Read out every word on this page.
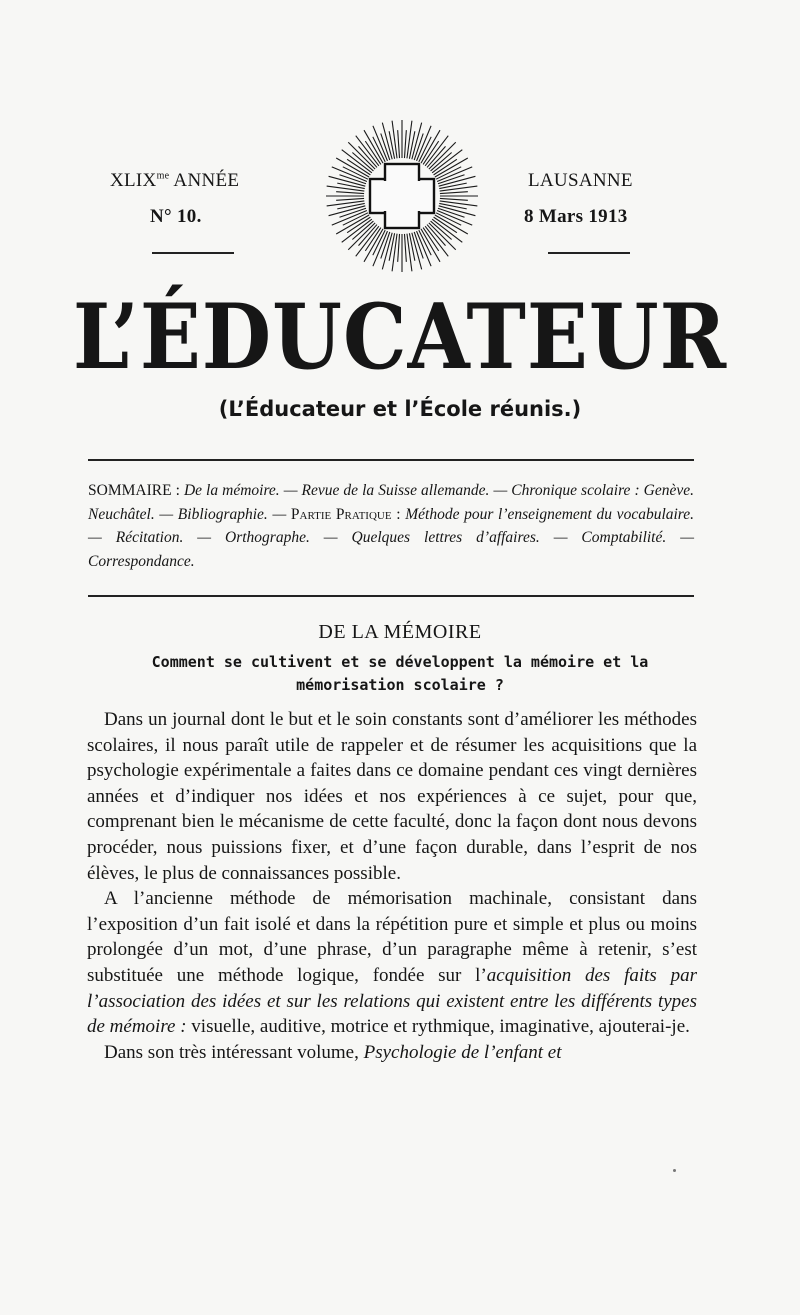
$XLIX^{me}$ ANNÉE
N° 10.
LAUSANNE
8 Mars 1913
L’ÉDUCATEUR
(L’Éducateur et l’École réunis.)
SOMMAIRE : De la mémoire. — Revue de la Suisse allemande. — Chronique scolaire : Genève. Neuchâtel. — Bibliographie. — Partie Pratique : Méthode pour l’enseignement du vocabulaire. — Récitation. — Orthographe. — Quelques lettres d’affaires. — Comptabilité. — Correspondance.
DE LA MÉMOIRE
Comment se cultivent et se développent la mémoire et la mémorisation scolaire ?

Dans un journal dont le but et le soin constants sont d’améliorer les méthodes scolaires, il nous paraît utile de rappeler et de résumer les acquisitions que la psychologie expérimentale a faites dans ce domaine pendant ces vingt dernières années et d’indiquer nos idées et nos expériences à ce sujet, pour que, comprenant bien le mécanisme de cette faculté, donc la façon dont nous devons procéder, nous puissions fixer, et d’une façon durable, dans l’esprit de nos élèves, le plus de connaissances possible.

A l’ancienne méthode de mémorisation machinale, consistant dans l’exposition d’un fait isolé et dans la répétition pure et simple et plus ou moins prolongée d’un mot, d’une phrase, d’un paragraphe même à retenir, s’est substituée une méthode logique, fondée sur l’acquisition des faits par l’association des idées et sur les relations qui existent entre les différents types de mémoire : visuelle, auditive, motrice et rythmique, imaginative, ajouterai-je.

Dans son très intéressant volume, Psychologie de l’enfant et
